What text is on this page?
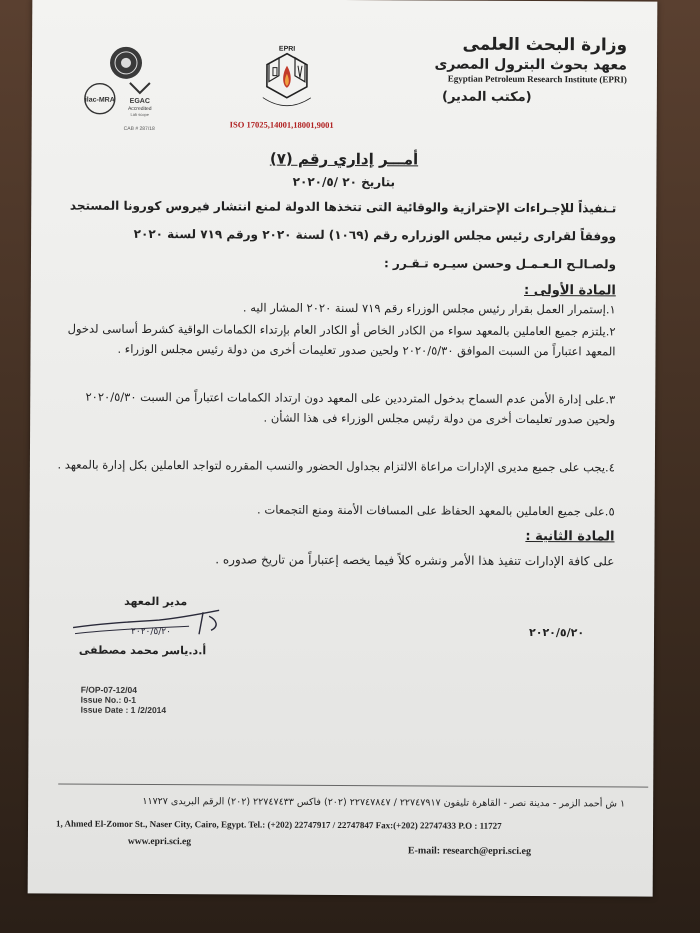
وزارة البحث العلمى
معهد بحوث البترول المصرى
Egyptian Petroleum Research Institute (EPRI)
(مكتب المدير)
EPRI
ISO 17025,14001,18001,9001
ilac-MRA EGAC
Accredited
Lab scope
CAB # 287/18
أمـــر إداري رقم (٧)
بتاريخ ٢٠ /٢٠٢٠/٥
تـنفيذاً للإجـراءات الإحترازية والوقائية التى تتخذها الدولة لمنع انتشار فيروس كورونا المستجد
ووفقاً لقرارى رئيس مجلس الوزراره رقم (١٠٦٩) لسنة ٢٠٢٠ ورقم ٧١٩ لسنة ٢٠٢٠
ولصـالـح الـعـمـل وحسن سيـره تـقـرر :
المادة الأولى :
١.إستمرار العمل بقرار رئيس مجلس الوزراء رقم ٧١٩ لسنة ٢٠٢٠ المشار اليه .
٢.يلتزم جميع العاملين بالمعهد سواء من الكادر الخاص أو الكادر العام بإرتداء الكمامات الواقية كشرط أساسى لدخول المعهد اعتباراً من السبت الموافق ٢٠٢٠/٥/٣٠ ولحين صدور تعليمات أخرى من دولة رئيس مجلس الوزراء .
٣.على إدارة الأمن عدم السماح بدخول المترددين على المعهد دون ارتداد الكمامات اعتباراً من السبت ٢٠٢٠/٥/٣٠ ولحين صدور تعليمات أخرى من دولة رئيس مجلس الوزراء فى هذا الشأن .
٤.يجب على جميع مديرى الإدارات مراعاة الالتزام بجداول الحضور والنسب المقرره لتواجد العاملين بكل إدارة بالمعهد .
٥.على جميع العاملين بالمعهد الحفاظ على المسافات الأمنة ومنع التجمعات .
المادة الثانية :
على كافة الإدارات تنفيذ هذا الأمر ونشره كلاً فيما يخصه إعتباراً من تاريخ صدوره .
مدير المعهد
٢٠٢٠/٥/٢٠
أ.د.ياسر محمد مصطفى
٢٠٢٠/٥/٢٠
F/OP-07-12/04
Issue No.: 0-1
Issue Date : 1 /2/2014
١ ش أحمد الزمر - مدينة نصر - القاهرة تليفون ٢٢٧٤٧٩١٧ / ٢٢٧٤٧٨٤٧ (٢٠٢) فاكس ٢٢٧٤٧٤٣٣ (٢٠٢) الرقم البريدى ١١٧٢٧
1, Ahmed El-Zomor St., Naser City, Cairo, Egypt. Tel.: (+202) 22747917 / 22747847 Fax:(+202) 22747433 P.O : 11727
www.epri.sci.eg
E-mail: research@epri.sci.eg
